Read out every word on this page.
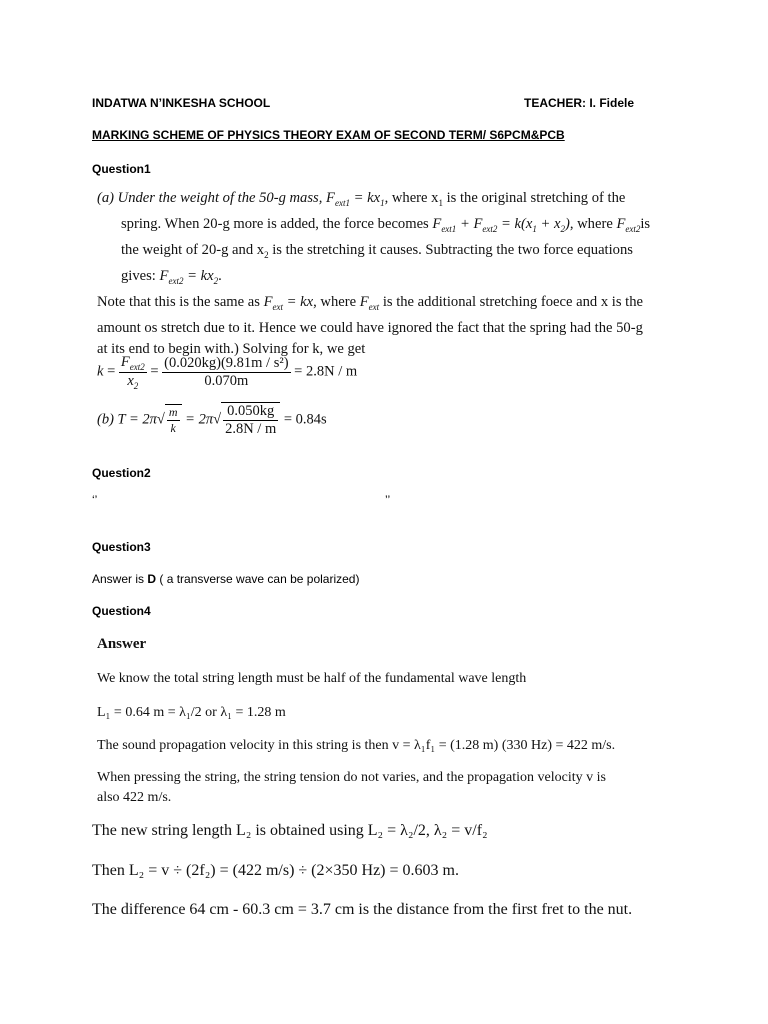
INDATWA N’INKESHA SCHOOL	TEACHER: I. Fidele
MARKING SCHEME OF PHYSICS THEORY EXAM OF SECOND TERM/ S6PCM&PCB
Question1

(a) Under the weight of the 50-g mass, $F_{ext1} = kx_1$, where $x_1$ is the original stretching of the

spring. When 20-g more is added, the force becomes $F_{ext1} + F_{ext2} = k(x_1 + x_2)$, where $F_{ext2}is$

the weight of 20-g and $x_2$ is the stretching it causes. Subtracting the two force equations

gives: $F_{ext2} = kx_2$.

Note that this is the same as $F_{ext}$ = kx, where $F_{ext}$ is the additional stretching foece and x is the

amount os stretch due to it. Hence we could have ignored the fact that the spring had the 50-g

at its end to begin with.) Solving for k, we get

$k = \frac{F_{ext2}}{x_2} = \frac{\text{(0.020kg)(9.81m / s²)}}{0.070m} = 2.8N / m$
(b) $T = 2\pi√ \frac{m}{k} = 2\pi√ \frac{0.050kg}{2.8N / m} = 0.84s$
Question2
‘’	’’
Question3
Answer is D ( a transverse wave can be polarized)
Question4
Answer
We know the total string length must be half of the fundamental wave length
L₁ = 0.64 m = λ₁/2 or λ₁ = 1.28 m
The sound propagation velocity in this string is then v = λ₁f₁ = (1.28 m) (330 Hz) = 422 m/s.
When pressing the string, the string tension do not varies, and the propagation velocity v is
also 422 m/s.
The new string length L₂ is obtained using L₂ = λ₂/2, λ₂ = v/f₂
Then L₂ = v ÷ (2f₂) = (422 m/s) ÷ (2×350 Hz) = 0.603 m.
The difference 64 cm - 60.3 cm = 3.7 cm is the distance from the first fret to the nut.
